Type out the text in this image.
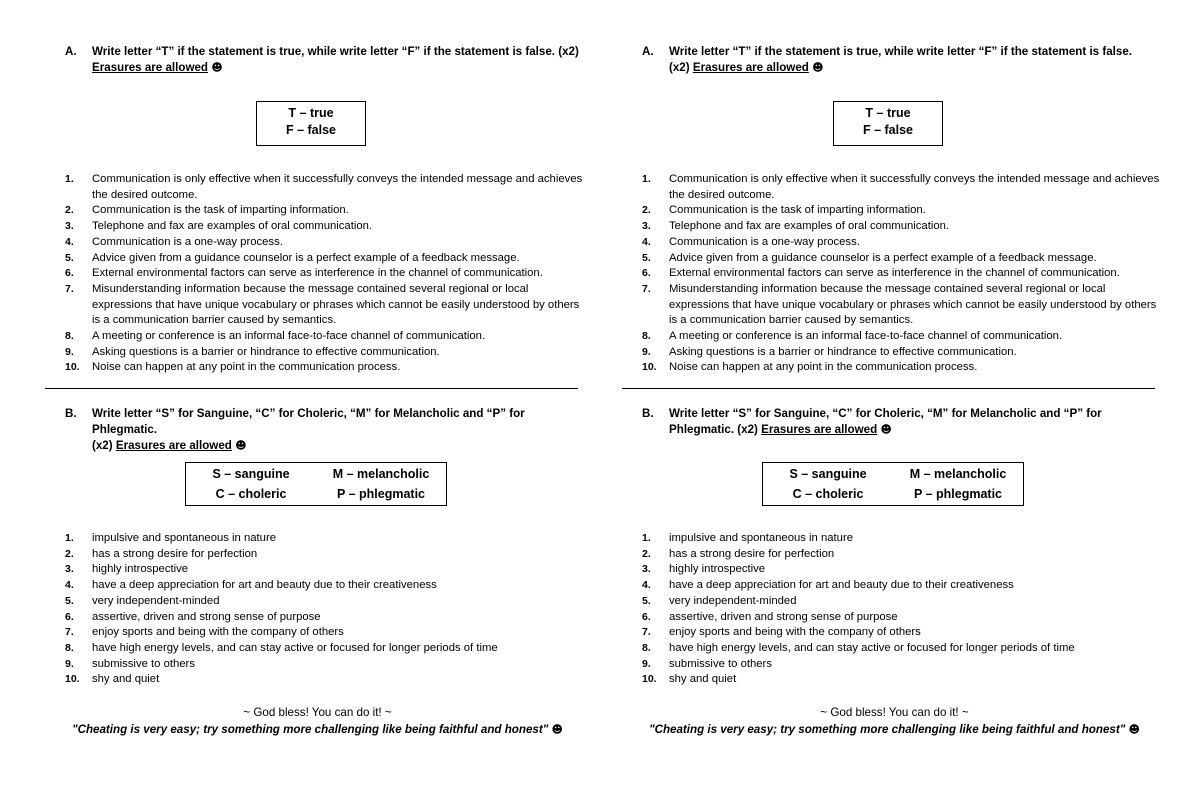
A. Write letter “T” if the statement is true, while write letter “F” if the statement is false. (x2)
Erasures are allowed ☻
T – true
F – false
1.	Communication is only effective when it successfully conveys the intended message and achieves the desired outcome.
2.	Communication is the task of imparting information.
3.	Telephone and fax are examples of oral communication.
4.	Communication is a one-way process.
5.	Advice given from a guidance counselor is a perfect example of a feedback message.
6.	External environmental factors can serve as interference in the channel of communication.
7.	Misunderstanding information because the message contained several regional or local expressions that have unique vocabulary or phrases which cannot be easily understood by others is a communication barrier caused by semantics.
8.	A meeting or conference is an informal face-to-face channel of communication.
9.	Asking questions is a barrier or hindrance to effective communication.
10.	Noise can happen at any point in the communication process.
B. Write letter “S” for Sanguine, “C” for Choleric, “M” for Melancholic and “P” for Phlegmatic.
(x2) Erasures are allowed ☻
S – sanguine	M – melancholic
C – choleric	P – phlegmatic
1.	impulsive and spontaneous in nature
2.	has a strong desire for perfection
3.	highly introspective
4.	have a deep appreciation for art and beauty due to their creativeness
5.	very independent-minded
6.	assertive, driven and strong sense of purpose
7.	enjoy sports and being with the company of others
8.	have high energy levels, and can stay active or focused for longer periods of time
9.	submissive to others
10.	shy and quiet
~ God bless! You can do it! ~
"Cheating is very easy; try something more challenging like being faithful and honest" ☻
A. Write letter “T” if the statement is true, while write letter “F” if the statement is false.
(x2) Erasures are allowed ☻
T – true
F – false
1.	Communication is only effective when it successfully conveys the intended message and achieves the desired outcome.
2.	Communication is the task of imparting information.
3.	Telephone and fax are examples of oral communication.
4.	Communication is a one-way process.
5.	Advice given from a guidance counselor is a perfect example of a feedback message.
6.	External environmental factors can serve as interference in the channel of communication.
7.	Misunderstanding information because the message contained several regional or local expressions that have unique vocabulary or phrases which cannot be easily understood by others is a communication barrier caused by semantics.
8.	A meeting or conference is an informal face-to-face channel of communication.
9.	Asking questions is a barrier or hindrance to effective communication.
10.	Noise can happen at any point in the communication process.
B. Write letter “S” for Sanguine, “C” for Choleric, “M” for Melancholic and “P” for
Phlegmatic. (x2) Erasures are allowed ☻
S – sanguine	M – melancholic
C – choleric	P – phlegmatic
1.	impulsive and spontaneous in nature
2.	has a strong desire for perfection
3.	highly introspective
4.	have a deep appreciation for art and beauty due to their creativeness
5.	very independent-minded
6.	assertive, driven and strong sense of purpose
7.	enjoy sports and being with the company of others
8.	have high energy levels, and can stay active or focused for longer periods of time
9.	submissive to others
10.	shy and quiet
~ God bless! You can do it! ~
"Cheating is very easy; try something more challenging like being faithful and honest" ☻
